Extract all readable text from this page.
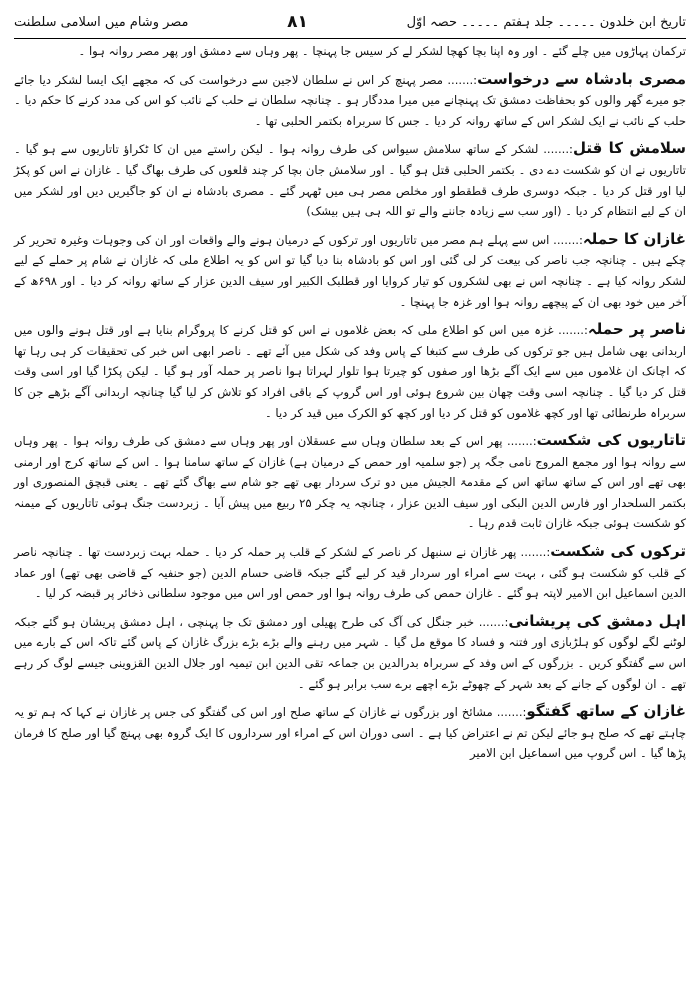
تاریخ ابن خلدون ۔۔۔۔۔ جلد ہفتم ۔۔۔۔۔ حصہ اوّل
۸۱
مصر وشام میں اسلامی سلطنت

ترکمان پہاڑوں میں چلے گئے ۔ اور وہ اپنا بچا کھچا لشکر لے کر سیس جا پہنچا ۔ پھر وہاں سے دمشق اور پھر مصر روانہ ہوا ۔

مصری بادشاہ سے درخواست:....... مصر پہنچ کر اس نے سلطان لاجین سے درخواست کی کہ مجھے ایک ایسا لشکر دیا جائے جو میرے گھر والوں کو بحفاظت دمشق تک پہنچانے میں میرا مددگار ہو ۔ چنانچہ سلطان نے حلب کے نائب کو اس کی مدد کرنے کا حکم دیا ۔ حلب کے نائب نے ایک لشکر اس کے ساتھ روانہ کر دیا ۔ جس کا سربراہ بکتمر الحلبی تھا ۔

سلامش کا قتل:....... لشکر کے ساتھ سلامش سیواس کی طرف روانہ ہوا ۔ لیکن راستے میں ان کا ٹکراؤ تاتاریوں سے ہو گیا ۔ تاتاریوں نے ان کو شکست دے دی ۔ بکتمر الحلبی قتل ہو گیا ۔ اور سلامش جان بچا کر چند قلعوں کی طرف بھاگ گیا ۔ غازان نے اس کو پکڑ لیا اور قتل کر دیا ۔ جبکہ دوسری طرف قطقطو اور مخلص مصر ہی میں ٹھہر گئے ۔ مصری بادشاہ نے ان کو جاگیریں دیں اور لشکر میں ان کے لیے انتظام کر دیا ۔ (اور سب سے زیادہ جاننے والے تو اللہ ہی ہیں بیشک)

غازان کا حملہ:....... اس سے پہلے ہم مصر میں تاتاریوں اور ترکوں کے درمیان ہونے والے واقعات اور ان کی وجوہات وغیرہ تحریر کر چکے ہیں ۔ چنانچہ جب ناصر کی بیعت کر لی گئی اور اس کو بادشاہ بنا دیا گیا تو اس کو یہ اطلاع ملی کہ غازان نے شام پر حملے کے لیے لشکر روانہ کیا ہے ۔ چنانچہ اس نے بھی لشکروں کو تیار کروایا اور قطلبک الکبیر اور سیف الدین عزار کے ساتھ روانہ کر دیا ۔ اور ۶۹۸ھ کے آخر میں خود بھی ان کے پیچھے روانہ ہوا اور غزہ جا پہنچا ۔

ناصر پر حملہ:....... غزہ میں اس کو اطلاع ملی کہ بعض غلاموں نے اس کو قتل کرنے کا پروگرام بنایا ہے اور قتل ہونے والوں میں اربدانی بھی شامل ہیں جو ترکوں کی طرف سے کتبغا کے پاس وفد کی شکل میں آئے تھے ۔ ناصر ابھی اس خبر کی تحقیقات کر ہی رہا تھا کہ اچانک ان غلاموں میں سے ایک آگے بڑھا اور صفوں کو چیرتا ہوا تلوار لہراتا ہوا ناصر پر حملہ آور ہو گیا ۔ لیکن پکڑا گیا اور اسی وقت قتل کر دیا گیا ۔ چنانچہ اسی وقت چھان بین شروع ہوئی اور اس گروپ کے باقی افراد کو تلاش کر لیا گیا چنانچہ اربدانی آگے بڑھے جن کا سربراہ طرنطائی تھا اور کچھ غلاموں کو قتل کر دیا اور کچھ کو الکرک میں قید کر دیا ۔

تاتاریوں کی شکست:....... پھر اس کے بعد سلطان وہاں سے عسقلان اور پھر وہاں سے دمشق کی طرف روانہ ہوا ۔ پھر وہاں سے روانہ ہوا اور مجمع المروج نامی جگہ پر (جو سلمیہ اور حمص کے درمیان ہے) غازان کے ساتھ سامنا ہوا ۔ اس کے ساتھ کرج اور ارمنی بھی تھے اور اس کے ساتھ ساتھ اس کے مقدمۃ الجیش میں دو ترک سردار بھی تھے جو شام سے بھاگ گئے تھے ۔ یعنی قبچق المنصوری اور بکتمر السلحدار اور فارس الدین البکی اور سیف الدین عزار ، چنانچہ یہ چکر ۲۵ ربیع میں پیش آیا ۔ زبردست جنگ ہوئی تاتاریوں کے میمنہ کو شکست ہوئی جبکہ غازان ثابت قدم رہا ۔

ترکوں کی شکست:....... پھر غازان نے سنبھل کر ناصر کے لشکر کے قلب پر حملہ کر دیا ۔ حملہ بہت زبردست تھا ۔ چنانچہ ناصر کے قلب کو شکست ہو گئی ، بہت سے امراء اور سردار قید کر لیے گئے جبکہ قاضی حسام الدین (جو حنفیہ کے قاضی بھی تھے) اور عماد الدین اسماعیل ابن الامیر لاپتہ ہو گئے ۔ غازان حمص کی طرف روانہ ہوا اور حمص اور اس میں موجود سلطانی ذخائر پر قبضہ کر لیا ۔

اہل دمشق کی پریشانی:....... خبر جنگل کی آگ کی طرح پھیلی اور دمشق تک جا پہنچی ، اہل دمشق پریشان ہو گئے جبکہ لوٹنے لگے لوگوں کو ہلڑبازی اور فتنہ و فساد کا موقع مل گیا ۔ شہر میں رہنے والے بڑے بڑے بزرگ غازان کے پاس گئے تاکہ اس کے بارے میں اس سے گفتگو کریں ۔ بزرگوں کے اس وفد کے سربراہ بدرالدین بن جماعہ تقی الدین ابن تیمیہ اور جلال الدین القزوینی جیسے لوگ کر رہے تھے ۔ ان لوگوں کے جانے کے بعد شہر کے چھوٹے بڑے اچھے برے سب برابر ہو گئے ۔

غازان کے ساتھ گفتگو:....... مشائخ اور بزرگوں نے غازان کے ساتھ صلح اور اس کی گفتگو کی جس پر غازان نے کہا کہ ہم تو یہ چاہتے تھے کہ صلح ہو جائے لیکن تم نے اعتراض کیا ہے ۔ اسی دوران اس کے امراء اور سرداروں کا ایک گروہ بھی پہنچ گیا اور صلح کا فرمان پڑھا گیا ۔ اس گروپ میں اسماعیل ابن الامیر
